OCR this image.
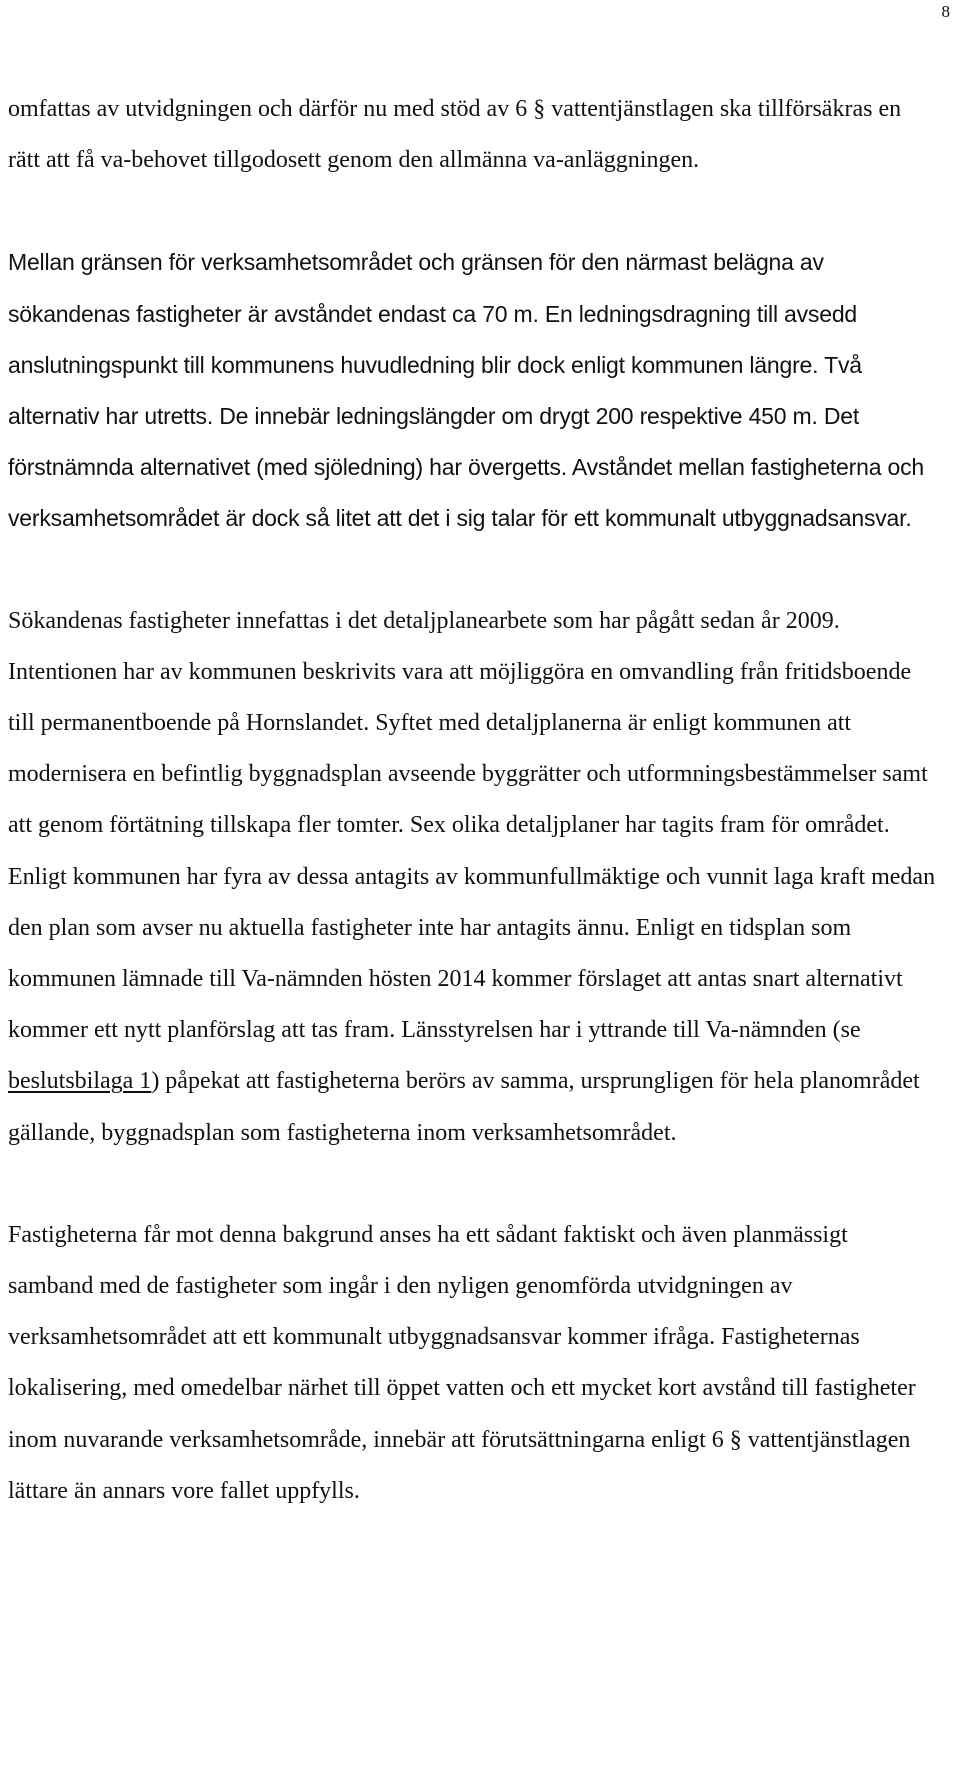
8

omfattas av utvidgningen och därför nu med stöd av 6 § vattentjänstlagen ska tillförsäkras en rätt att få va-behovet tillgodosett genom den allmänna va-anläggningen.

Mellan gränsen för verksamhetsområdet och gränsen för den närmast belägna av sökandenas fastigheter är avståndet endast ca 70 m. En ledningsdragning till avsedd anslutningspunkt till kommunens huvudledning blir dock enligt kommunen längre. Två alternativ har utretts. De innebär ledningslängder om drygt 200 respektive 450 m. Det förstnämnda alternativet (med sjöledning) har övergetts. Avståndet mellan fastigheterna och verksamhetsområdet är dock så litet att det i sig talar för ett kommunalt utbyggnadsansvar.

Sökandenas fastigheter innefattas i det detaljplanearbete som har pågått sedan år 2009. Intentionen har av kommunen beskrivits vara att möjliggöra en omvandling från fritidsboende till permanentboende på Hornslandet. Syftet med detaljplanerna är enligt kommunen att modernisera en befintlig byggnadsplan avseende byggrätter och utformningsbestämmelser samt att genom förtätning tillskapa fler tomter. Sex olika detaljplaner har tagits fram för området. Enligt kommunen har fyra av dessa antagits av kommunfullmäktige och vunnit laga kraft medan den plan som avser nu aktuella fastigheter inte har antagits ännu. Enligt en tidsplan som kommunen lämnade till Va-nämnden hösten 2014 kommer förslaget att antas snart alternativt kommer ett nytt planförslag att tas fram. Länsstyrelsen har i yttrande till Va-nämnden (se beslutsbilaga 1) påpekat att fastigheterna berörs av samma, ursprungligen för hela planområdet gällande, byggnadsplan som fastigheterna inom verksamhetsområdet.

Fastigheterna får mot denna bakgrund anses ha ett sådant faktiskt och även planmässigt samband med de fastigheter som ingår i den nyligen genomförda utvidgningen av verksamhetsområdet att ett kommunalt utbyggnadsansvar kommer ifråga. Fastigheternas lokalisering, med omedelbar närhet till öppet vatten och ett mycket kort avstånd till fastigheter inom nuvarande verksamhetsområde, innebär att förutsättningarna enligt 6 § vattentjänstlagen lättare än annars vore fallet uppfylls.
